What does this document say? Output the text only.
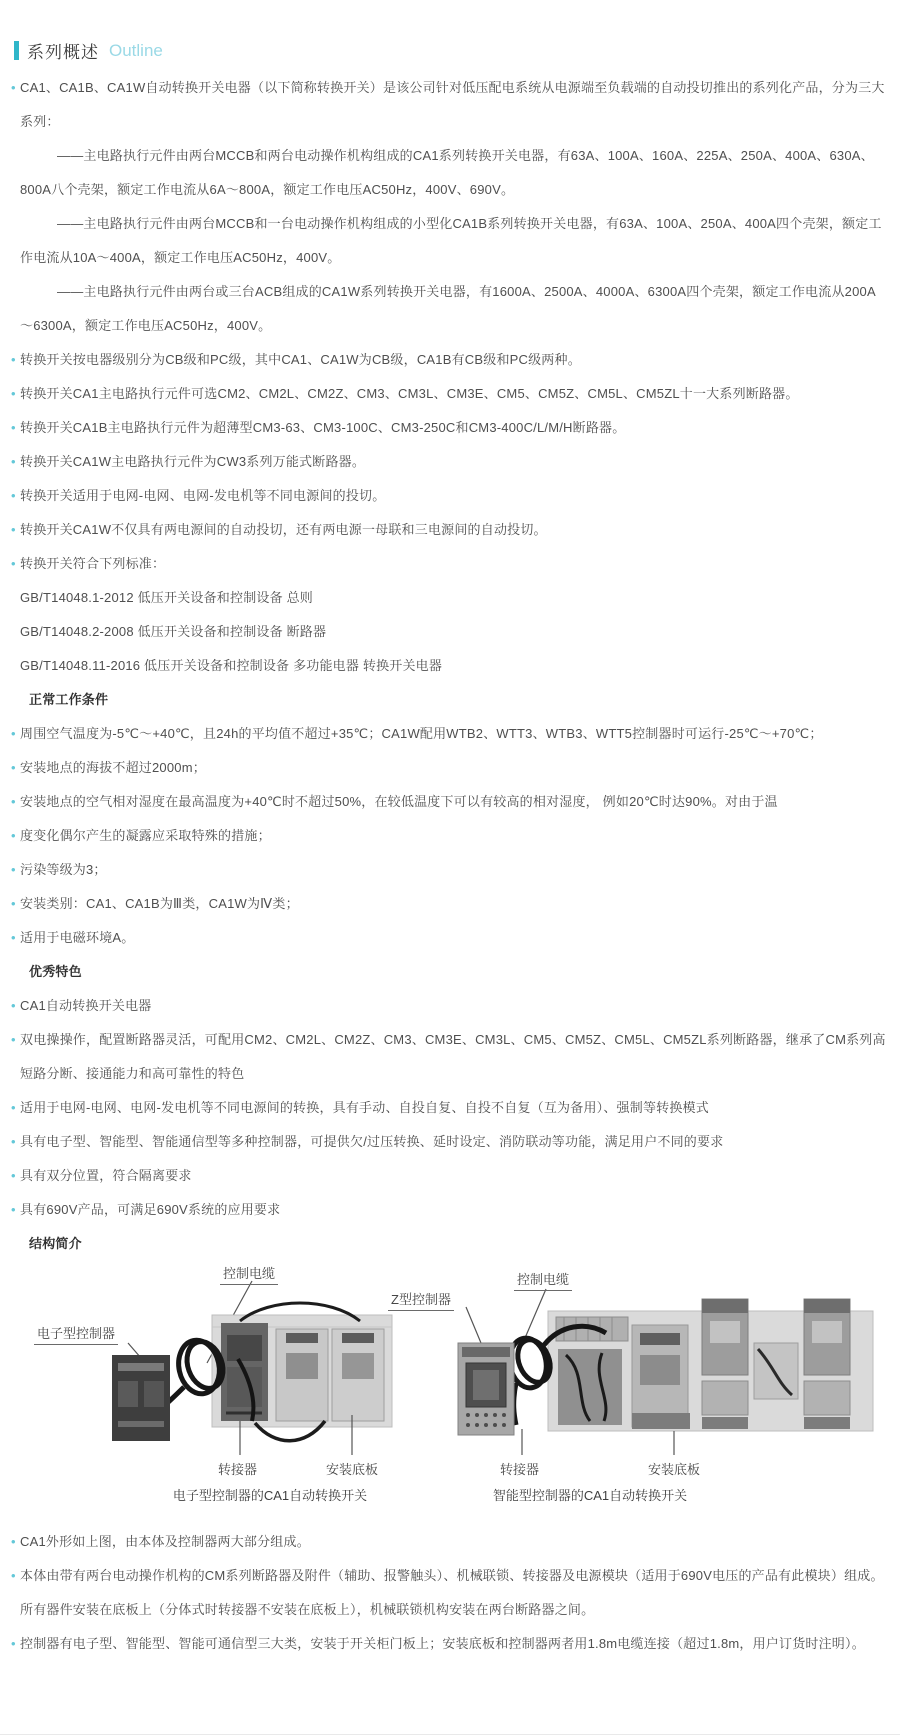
系列概述 Outline

• CA1、CA1B、CA1W自动转换开关电器（以下简称转换开关）是该公司针对低压配电系统从电源端至负载端的自动投切推出的系列化产品，分为三大系列：

——主电路执行元件由两台MCCB和两台电动操作机构组成的CA1系列转换开关电器，有63A、100A、160A、225A、250A、400A、630A、800A八个壳架，额定工作电流从6A～800A，额定工作电压AC50Hz，400V、690V。

——主电路执行元件由两台MCCB和一台电动操作机构组成的小型化CA1B系列转换开关电器，有63A、100A、250A、400A四个壳架，额定工作电流从10A～400A，额定工作电压AC50Hz，400V。

——主电路执行元件由两台或三台ACB组成的CA1W系列转换开关电器，有1600A、2500A、4000A、6300A四个壳架，额定工作电流从200A～6300A，额定工作电压AC50Hz，400V。

• 转换开关按电器级别分为CB级和PC级，其中CA1、CA1W为CB级，CA1B有CB级和PC级两种。

• 转换开关CA1主电路执行元件可选CM2、CM2L、CM2Z、CM3、CM3L、CM3E、CM5、CM5Z、CM5L、CM5ZL十一大系列断路器。

• 转换开关CA1B主电路执行元件为超薄型CM3-63、CM3-100C、CM3-250C和CM3-400C/L/M/H断路器。

• 转换开关CA1W主电路执行元件为CW3系列万能式断路器。

• 转换开关适用于电网-电网、电网-发电机等不同电源间的投切。

• 转换开关CA1W不仅具有两电源间的自动投切，还有两电源一母联和三电源间的自动投切。

• 转换开关符合下列标准：

GB/T14048.1-2012 低压开关设备和控制设备 总则

GB/T14048.2-2008 低压开关设备和控制设备 断路器

GB/T14048.11-2016 低压开关设备和控制设备 多功能电器 转换开关电器

正常工作条件

• 周围空气温度为-5℃～+40℃，且24h的平均值不超过+35℃；CA1W配用WTB2、WTT3、WTB3、WTT5控制器时可运行-25℃～+70℃；

• 安装地点的海拔不超过2000m；

• 安装地点的空气相对湿度在最高温度为+40℃时不超过50%，在较低温度下可以有较高的相对湿度， 例如20℃时达90%。对由于温

• 度变化偶尔产生的凝露应采取特殊的措施；

• 污染等级为3；

• 安装类别：CA1、CA1B为Ⅲ类，CA1W为Ⅳ类；

• 适用于电磁环境A。

优秀特色

• CA1自动转换开关电器

• 双电操操作，配置断路器灵活，可配用CM2、CM2L、CM2Z、CM3、CM3E、CM3L、CM5、CM5Z、CM5L、CM5ZL系列断路器，继承了CM系列高短路分断、接通能力和高可靠性的特色

• 适用于电网-电网、电网-发电机等不同电源间的转换，具有手动、自投自复、自投不自复（互为备用）、强制等转换模式

• 具有电子型、智能型、智能通信型等多种控制器，可提供欠/过压转换、延时设定、消防联动等功能，满足用户不同的要求

• 具有双分位置，符合隔离要求

• 具有690V产品，可满足690V系统的应用要求

结构简介

控制电缆
电子型控制器
转接器	安装底板
电子型控制器的CA1自动转换开关
控制电缆
Z型控制器
转接器	安装底板
智能型控制器的CA1自动转换开关

• CA1外形如上图，由本体及控制器两大部分组成。

• 本体由带有两台电动操作机构的CM系列断路器及附件（辅助、报警触头）、机械联锁、转接器及电源模块（适用于690V电压的产品有此模块）组成。所有器件安装在底板上（分体式时转接器不安装在底板上），机械联锁机构安装在两台断路器之间。

• 控制器有电子型、智能型、智能可通信型三大类，安装于开关柜门板上；安装底板和控制器两者用1.8m电缆连接（超过1.8m，用户订货时注明）。
